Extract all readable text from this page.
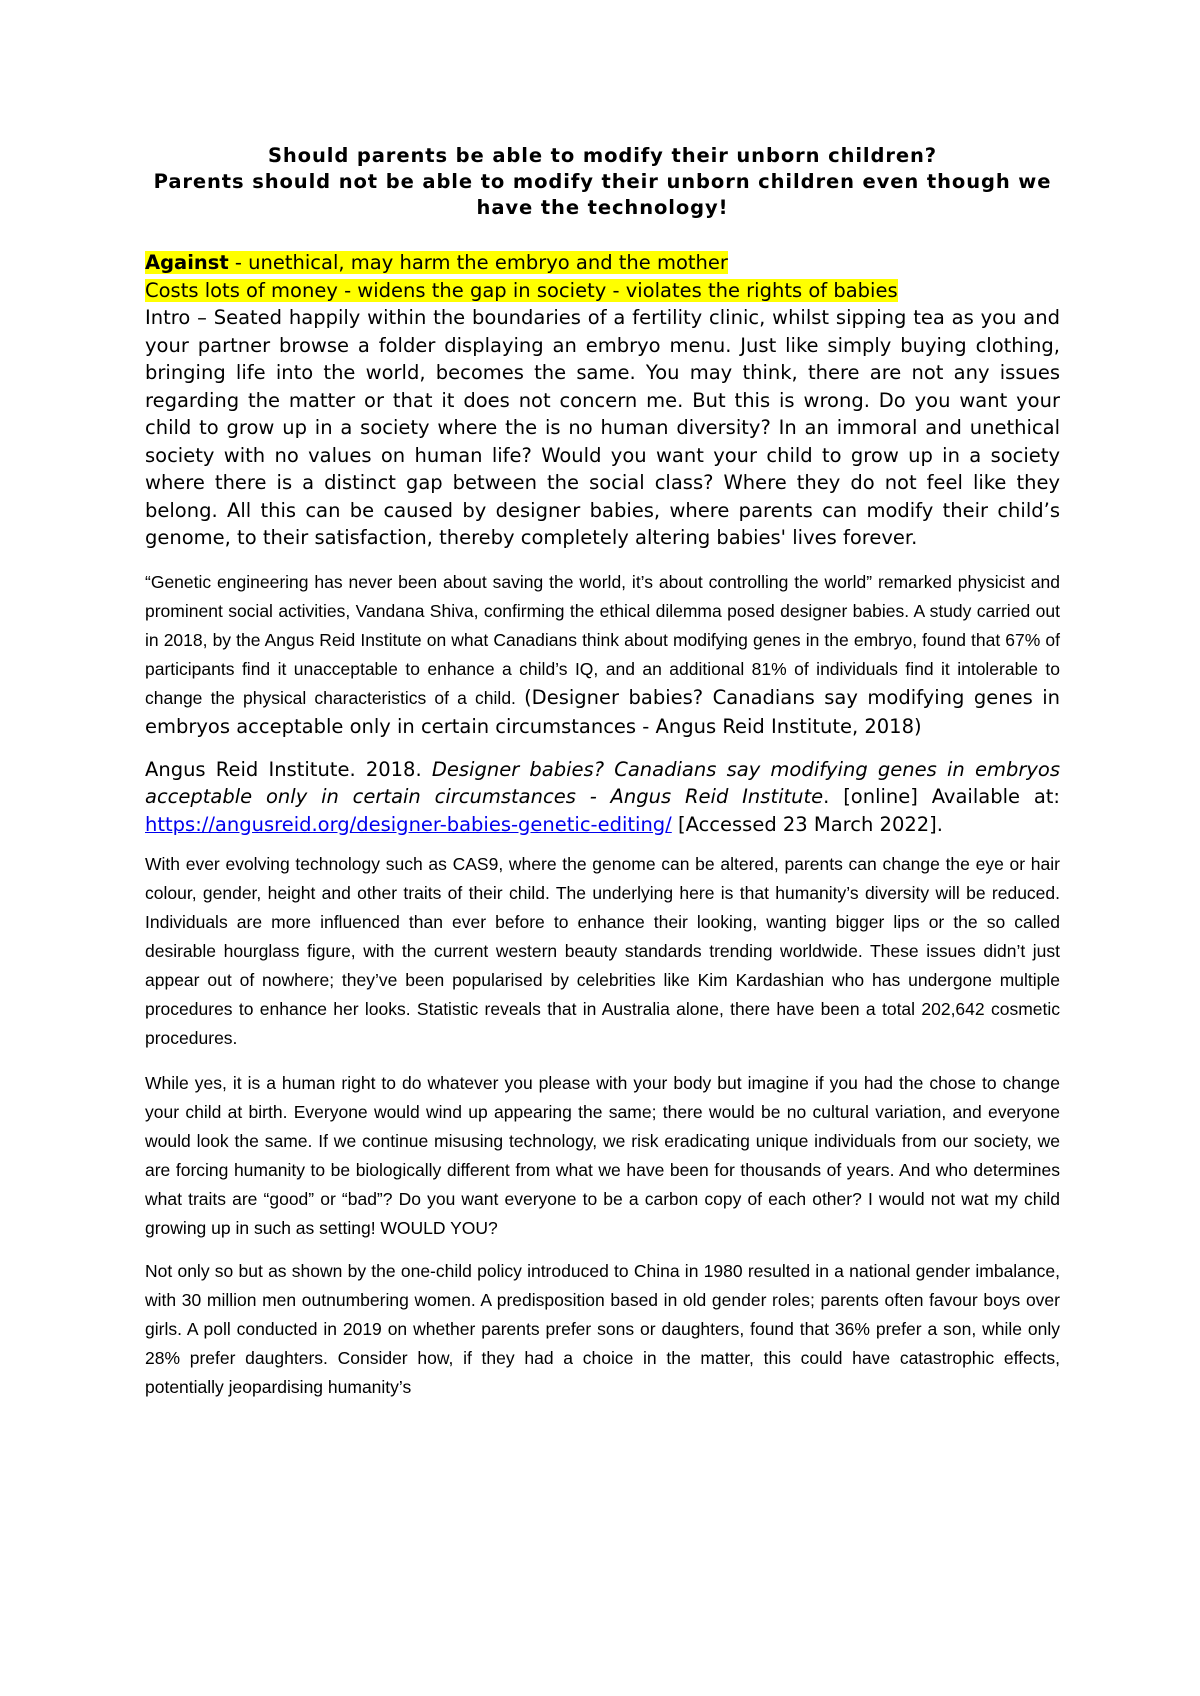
Should parents be able to modify their unborn children?

Parents should not be able to modify their unborn children even though we have the technology!

Against - unethical, may harm the embryo and the mother

Costs lots of money - widens the gap in society - violates the rights of babies

Intro – Seated happily within the boundaries of a fertility clinic, whilst sipping tea as you and your partner browse a folder displaying an embryo menu. Just like simply buying clothing, bringing life into the world, becomes the same. You may think, there are not any issues regarding the matter or that it does not concern me. But this is wrong. Do you want your child to grow up in a society where the is no human diversity? In an immoral and unethical society with no values on human life? Would you want your child to grow up in a society where there is a distinct gap between the social class? Where they do not feel like they belong. All this can be caused by designer babies, where parents can modify their child’s genome, to their satisfaction, thereby completely altering babies' lives forever.

“Genetic engineering has never been about saving the world, it’s about controlling the world” remarked physicist and prominent social activities, Vandana Shiva, confirming the ethical dilemma posed designer babies. A study carried out in 2018, by the Angus Reid Institute on what Canadians think about modifying genes in the embryo, found that 67% of participants find it unacceptable to enhance a child’s IQ, and an additional 81% of individuals find it intolerable to change the physical characteristics of a child. (Designer babies? Canadians say modifying genes in embryos acceptable only in certain circumstances - Angus Reid Institute, 2018)

Angus Reid Institute. 2018. Designer babies? Canadians say modifying genes in embryos acceptable only in certain circumstances - Angus Reid Institute. [online] Available at: https://angusreid.org/designer-babies-genetic-editing/ [Accessed 23 March 2022].

With ever evolving technology such as CAS9, where the genome can be altered, parents can change the eye or hair colour, gender, height and other traits of their child. The underlying here is that humanity’s diversity will be reduced. Individuals are more influenced than ever before to enhance their looking, wanting bigger lips or the so called desirable hourglass figure, with the current western beauty standards trending worldwide. These issues didn’t just appear out of nowhere; they’ve been popularised by celebrities like Kim Kardashian who has undergone multiple procedures to enhance her looks. Statistic reveals that in Australia alone, there have been a total 202,642 cosmetic procedures.

While yes, it is a human right to do whatever you please with your body but imagine if you had the chose to change your child at birth. Everyone would wind up appearing the same; there would be no cultural variation, and everyone would look the same. If we continue misusing technology, we risk eradicating unique individuals from our society, we are forcing humanity to be biologically different from what we have been for thousands of years. And who determines what traits are “good” or “bad”? Do you want everyone to be a carbon copy of each other? I would not wat my child growing up in such as setting! WOULD YOU?

Not only so but as shown by the one-child policy introduced to China in 1980 resulted in a national gender imbalance, with 30 million men outnumbering women. A predisposition based in old gender roles; parents often favour boys over girls. A poll conducted in 2019 on whether parents prefer sons or daughters, found that 36% prefer a son, while only 28% prefer daughters. Consider how, if they had a choice in the matter, this could have catastrophic effects, potentially jeopardising humanity’s
